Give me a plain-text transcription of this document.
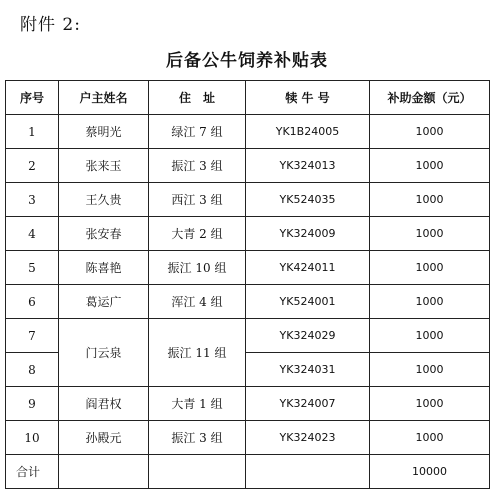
附件 2:
后备公牛饲养补贴表
序号	户主姓名	住　址	犊 牛 号	补助金额（元）
1	蔡明光	绿江 7 组	YK1B24005	1000
2	张来玉	振江 3 组	YK324013	1000
3	王久贵	西江 3 组	YK524035	1000
4	张安春	大青 2 组	YK324009	1000
5	陈喜艳	振江 10 组	YK424011	1000
6	葛运广	浑江 4 组	YK524001	1000
7	门云泉	振江 11 组	YK324029	1000
8			YK324031	1000
9	阎君权	大青 1 组	YK324007	1000
10	孙殿元	振江 3 组	YK324023	1000
合计				10000
